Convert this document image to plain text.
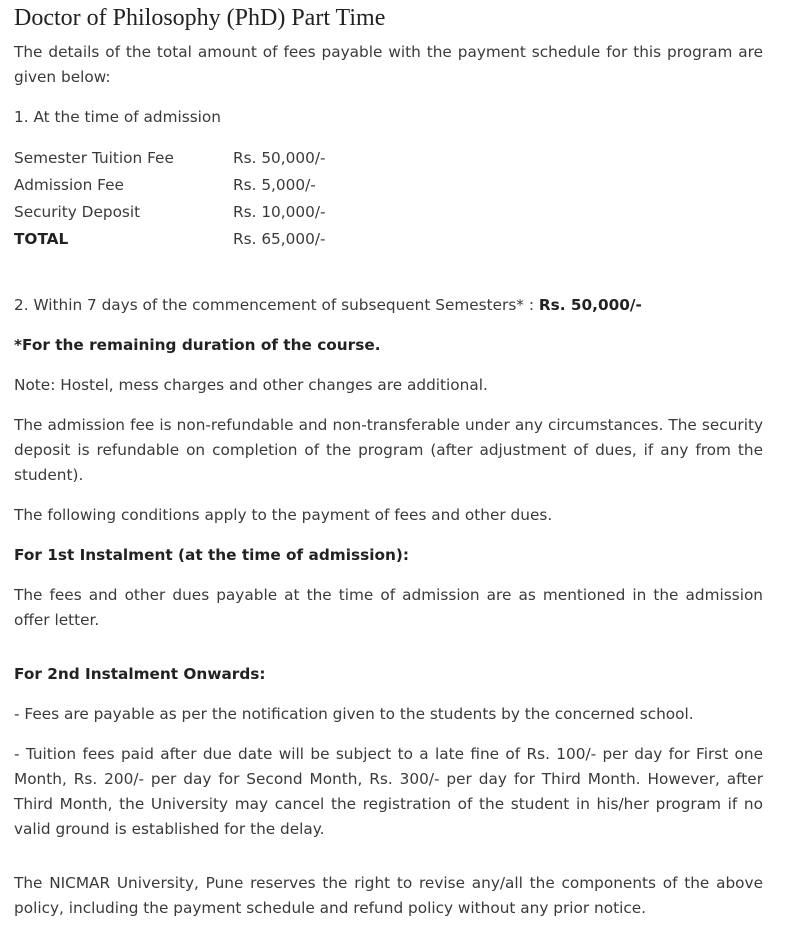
Doctor of Philosophy (PhD) Part Time

The details of the total amount of fees payable with the payment schedule for this program are given below:

1. At the time of admission

Semester Tuition Fee	Rs. 50,000/-
Admission Fee	Rs. 5,000/-
Security Deposit	Rs. 10,000/-
TOTAL	Rs. 65,000/-

2. Within 7 days of the commencement of subsequent Semesters* : Rs. 50,000/-

*For the remaining duration of the course.

Note: Hostel, mess charges and other changes are additional.

The admission fee is non-refundable and non-transferable under any circumstances. The security deposit is refundable on completion of the program (after adjustment of dues, if any from the student).

The following conditions apply to the payment of fees and other dues.

For 1st Instalment (at the time of admission):

The fees and other dues payable at the time of admission are as mentioned in the admission offer letter.

For 2nd Instalment Onwards:

- Fees are payable as per the notification given to the students by the concerned school.

- Tuition fees paid after due date will be subject to a late fine of Rs. 100/- per day for First one Month, Rs. 200/- per day for Second Month, Rs. 300/- per day for Third Month. However, after Third Month, the University may cancel the registration of the student in his/her program if no valid ground is established for the delay.

The NICMAR University, Pune reserves the right to revise any/all the components of the above policy, including the payment schedule and refund policy without any prior notice.
